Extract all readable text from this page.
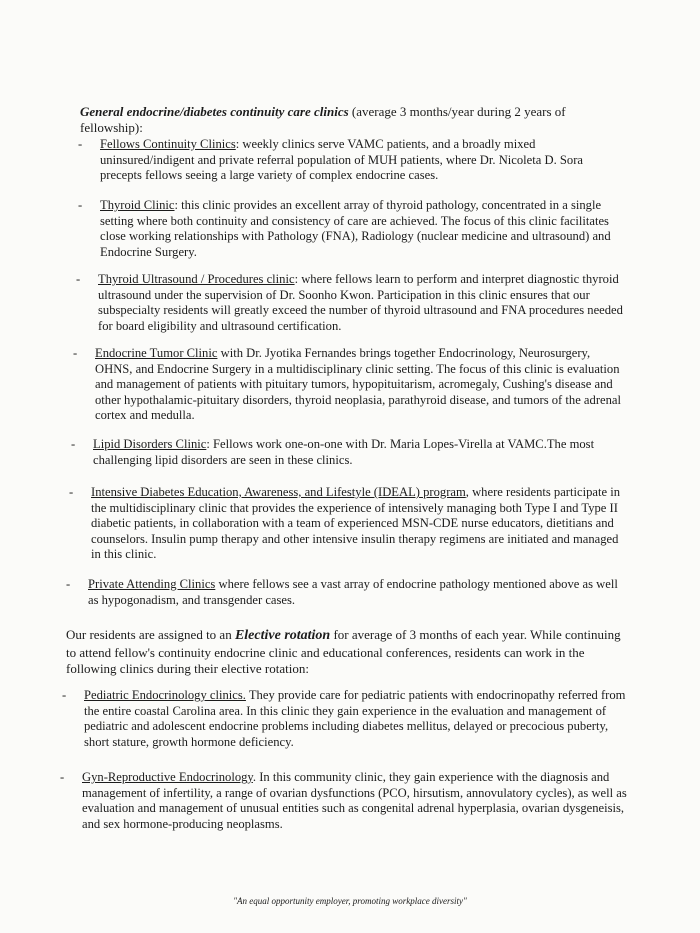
General endocrine/diabetes continuity care clinics (average 3 months/year during 2 years of fellowship):

-	Fellows Continuity Clinics: weekly clinics serve VAMC patients, and a broadly mixed uninsured/indigent and private referral population of MUH patients, where Dr. Nicoleta D. Sora precepts fellows seeing a large variety of complex endocrine cases.

-	Thyroid Clinic: this clinic provides an excellent array of thyroid pathology, concentrated in a single setting where both continuity and consistency of care are achieved. The focus of this clinic facilitates close working relationships with Pathology (FNA), Radiology (nuclear medicine and ultrasound) and Endocrine Surgery.

-	Thyroid Ultrasound / Procedures clinic: where fellows learn to perform and interpret diagnostic thyroid ultrasound under the supervision of Dr. Soonho Kwon. Participation in this clinic ensures that our subspecialty residents will greatly exceed the number of thyroid ultrasound and FNA procedures needed for board eligibility and ultrasound certification.

-	Endocrine Tumor Clinic with Dr. Jyotika Fernandes brings together Endocrinology, Neurosurgery, OHNS, and Endocrine Surgery in a multidisciplinary clinic setting. The focus of this clinic is evaluation and management of patients with pituitary tumors, hypopituitarism, acromegaly, Cushing's disease and other hypothalamic-pituitary disorders, thyroid neoplasia, parathyroid disease, and tumors of the adrenal cortex and medulla.

-	Lipid Disorders Clinic: Fellows work one-on-one with Dr. Maria Lopes-Virella at VAMC.The most challenging lipid disorders are seen in these clinics.

-	Intensive Diabetes Education, Awareness, and Lifestyle (IDEAL) program, where residents participate in the multidisciplinary clinic that provides the experience of intensively managing both Type I and Type II diabetic patients, in collaboration with a team of experienced MSN-CDE nurse educators, dietitians and counselors. Insulin pump therapy and other intensive insulin therapy regimens are initiated and managed in this clinic.

-	Private Attending Clinics where fellows see a vast array of endocrine pathology mentioned above as well as hypogonadism, and transgender cases.

Our residents are assigned to an Elective rotation for average of 3 months of each year. While continuing to attend fellow's continuity endocrine clinic and educational conferences, residents can work in the following clinics during their elective rotation:

-	Pediatric Endocrinology clinics. They provide care for pediatric patients with endocrinopathy referred from the entire coastal Carolina area. In this clinic they gain experience in the evaluation and management of pediatric and adolescent endocrine problems including diabetes mellitus, delayed or precocious puberty, short stature, growth hormone deficiency.

-	Gyn-Reproductive Endocrinology. In this community clinic, they gain experience with the diagnosis and management of infertility, a range of ovarian dysfunctions (PCO, hirsutism, annovulatory cycles), as well as evaluation and management of unusual entities such as congenital adrenal hyperplasia, ovarian dysgeneisis, and sex hormone-producing neoplasms.

"An equal opportunity employer, promoting workplace diversity"
